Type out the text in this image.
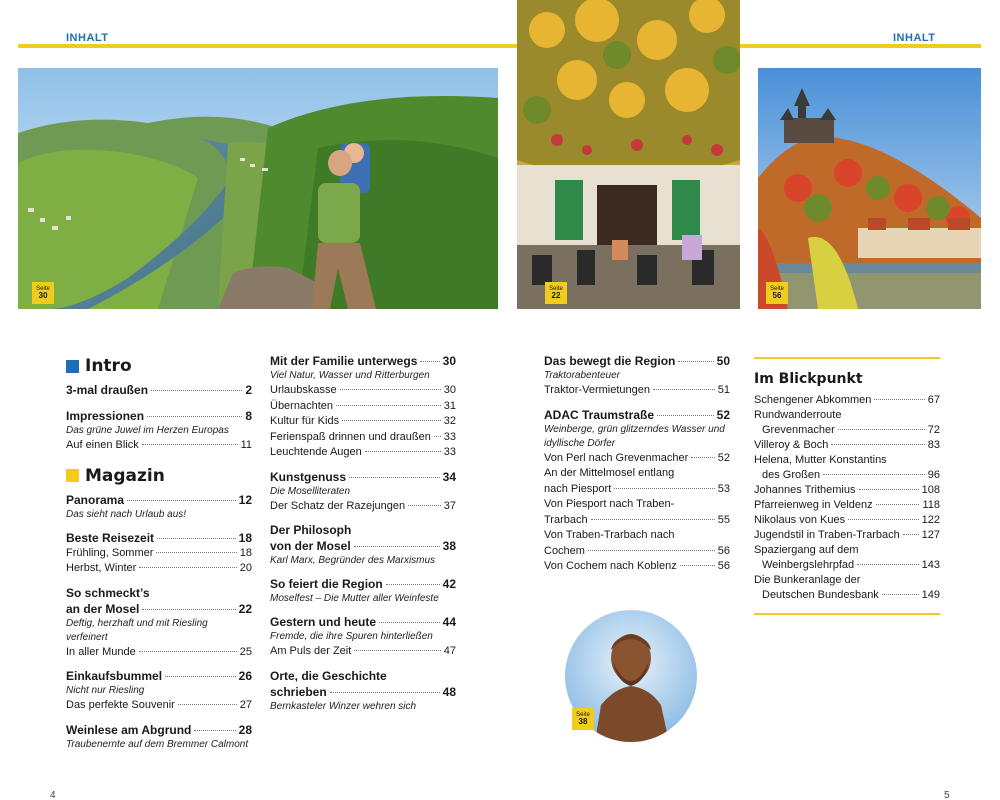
INHALT	INHALT
Seite
30
Seite
22
Seite
56
Intro
3-mal draußen	2
Impressionen	8
Das grüne Juwel im Herzen Europas
Auf einen Blick	11
Magazin
Panorama	12
Das sieht nach Urlaub aus!
Beste Reisezeit	18
Frühling, Sommer	18
Herbst, Winter	20
So schmeckt’s
an der Mosel	22
Deftig, herzhaft und mit Riesling verfeinert
In aller Munde	25
Einkaufsbummel	26
Nicht nur Riesling
Das perfekte Souvenir	27
Weinlese am Abgrund	28
Traubenernte auf dem Bremmer Calmont
Mit der Familie unterwegs 30
Viel Natur, Wasser und Ritterburgen
Urlaubskasse	30
Übernachten	31
Kultur für Kids	32
Ferienspaß drinnen und draußen 33
Leuchtende Augen	33
Kunstgenuss	34
Die Moselliteraten
Der Schatz der Razejungen	37
Der Philosoph
von der Mosel	38
Karl Marx, Begründer des Marxismus
So feiert die Region	42
Moselfest – Die Mutter aller Weinfeste
Gestern und heute	44
Fremde, die ihre Spuren hinterließen
Am Puls der Zeit	47
Orte, die Geschichte
schrieben	48
Bernkasteler Winzer wehren sich
Das bewegt die Region	50
Traktorabenteuer
Traktor-Vermietungen	51
ADAC Traumstraße	52
Weinberge, grün glitzerndes Wasser und idyllische Dörfer
Von Perl nach Grevenmacher	52
An der Mittelmosel entlang
nach Piesport	53
Von Piesport nach Traben-
Trarbach	55
Von Traben-Trarbach nach
Cochem	56
Von Cochem nach Koblenz	56
Seite
38
Im Blickpunkt
Schengener Abkommen	67
Rundwanderroute
Grevenmacher	72
Villeroy & Boch	83
Helena, Mutter Konstantins
des Großen	96
Johannes Trithemius	108
Pfarreienweg in Veldenz	118
Nikolaus von Kues	122
Jugendstil in Traben-Trarbach 127
Spaziergang auf dem
Weinbergslehrpfad	143
Die Bunkeranlage der
Deutschen Bundesbank	149
4	5
